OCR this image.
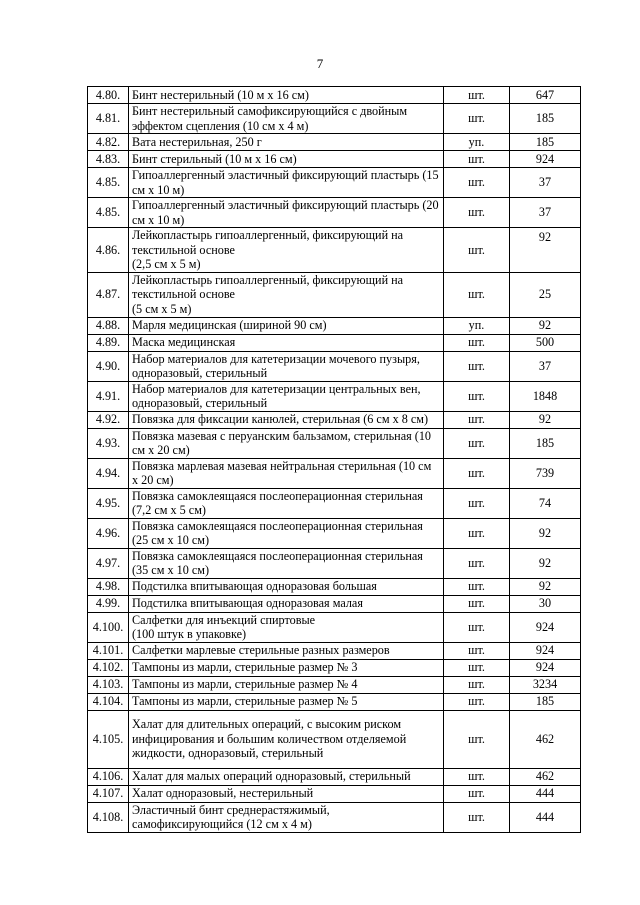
7
4.80.	Бинт нестерильный (10 м х 16 см)	шт.	647
4.81.	Бинт нестерильный самофиксирующийся с двойным эффектом сцепления (10 см х 4 м)	шт.	185
4.82.	Вата нестерильная, 250 г	уп.	185
4.83.	Бинт стерильный (10 м х 16 см)	шт.	924
4.85.	Гипоаллергенный эластичный фиксирующий пластырь (15 см х 10 м)	шт.	37
4.85.	Гипоаллергенный эластичный фиксирующий пластырь (20 см х 10 м)	шт.	37
4.86.	Лейкопластырь гипоаллергенный, фиксирующий на текстильной основе
(2,5 см х 5 м)	шт.	92
4.87.	Лейкопластырь гипоаллергенный, фиксирующий на текстильной основе
(5 см х 5 м)	шт.	25
4.88.	Марля медицинская (шириной 90 см)	уп.	92
4.89.	Маска медицинская	шт.	500
4.90.	Набор материалов для катетеризации мочевого пузыря, одноразовый, стерильный	шт.	37
4.91.	Набор материалов для катетеризации центральных вен, одноразовый, стерильный	шт.	1848
4.92.	Повязка для фиксации канюлей, стерильная (6 см х 8 см)	шт.	92
4.93.	Повязка мазевая с перуанским бальзамом, стерильная (10 см х 20 см)	шт.	185
4.94.	Повязка марлевая мазевая нейтральная стерильная (10 см х 20 см)	шт.	739
4.95.	Повязка самоклеящаяся послеоперационная стерильная (7,2 см х 5 см)	шт.	74
4.96.	Повязка самоклеящаяся послеоперационная стерильная (25 см х 10 см)	шт.	92
4.97.	Повязка самоклеящаяся послеоперационная стерильная (35 см х 10 см)	шт.	92
4.98.	Подстилка впитывающая одноразовая большая	шт.	92
4.99.	Подстилка впитывающая одноразовая малая	шт.	30
4.100.	Салфетки для инъекций спиртовые
(100 штук в упаковке)	шт.	924
4.101.	Салфетки марлевые стерильные разных размеров	шт.	924
4.102.	Тампоны из марли, стерильные размер № 3	шт.	924
4.103.	Тампоны из марли, стерильные размер № 4	шт.	3234
4.104.	Тампоны из марли, стерильные размер № 5	шт.	185
4.105.	Халат для длительных операций, с высоким риском инфицирования и большим количеством отделяемой жидкости, одноразовый, стерильный	шт.	462
4.106.	Халат для малых операций одноразовый, стерильный	шт.	462
4.107.	Халат одноразовый, нестерильный	шт.	444
4.108.	Эластичный бинт среднерастяжимый, самофиксирующийся (12 см х 4 м)	шт.	444
